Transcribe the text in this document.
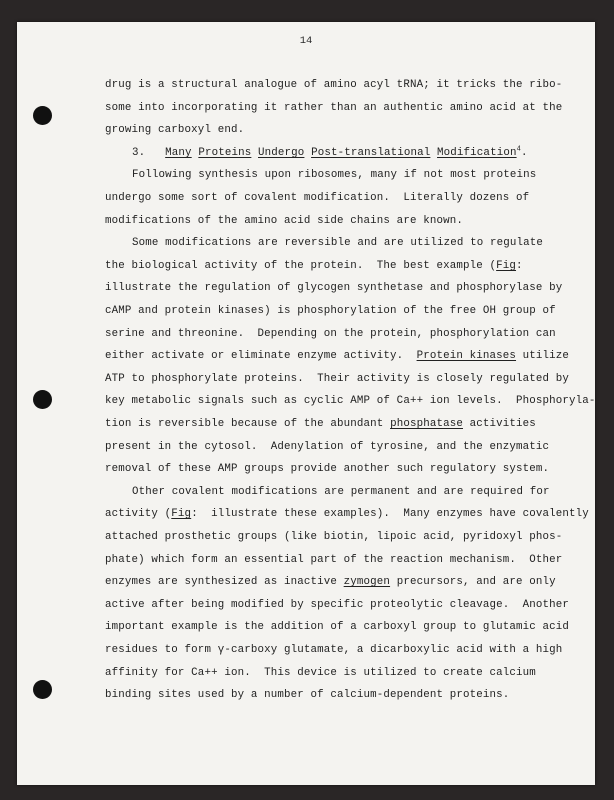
14
drug is a structural analogue of amino acyl tRNA; it tricks the ribo-
some into incorporating it rather than an authentic amino acid at the
growing carboxyl end.
3.   Many Proteins Undergo Post-translational Modification$^4$.
Following synthesis upon ribosomes, many if not most proteins
undergo some sort of covalent modification.  Literally dozens of
modifications of the amino acid side chains are known.
Some modifications are reversible and are utilized to regulate
the biological activity of the protein.  The best example (Fig:
illustrate the regulation of glycogen synthetase and phosphorylase by
cAMP and protein kinases) is phosphorylation of the free OH group of
serine and threonine.  Depending on the protein, phosphorylation can
either activate or eliminate enzyme activity.  Protein kinases utilize
ATP to phosphorylate proteins.  Their activity is closely regulated by
key metabolic signals such as cyclic AMP of Ca++ ion levels.  Phosphoryla-
tion is reversible because of the abundant phosphatase activities
present in the cytosol.  Adenylation of tyrosine, and the enzymatic
removal of these AMP groups provide another such regulatory system.
Other covalent modifications are permanent and are required for
activity (Fig:  illustrate these examples).  Many enzymes have covalently
attached prosthetic groups (like biotin, lipoic acid, pyridoxyl phos-
phate) which form an essential part of the reaction mechanism.  Other
enzymes are synthesized as inactive zymogen precursors, and are only
active after being modified by specific proteolytic cleavage.  Another
important example is the addition of a carboxyl group to glutamic acid
residues to form γ-carboxy glutamate, a dicarboxylic acid with a high
affinity for Ca++ ion.  This device is utilized to create calcium
binding sites used by a number of calcium-dependent proteins.
